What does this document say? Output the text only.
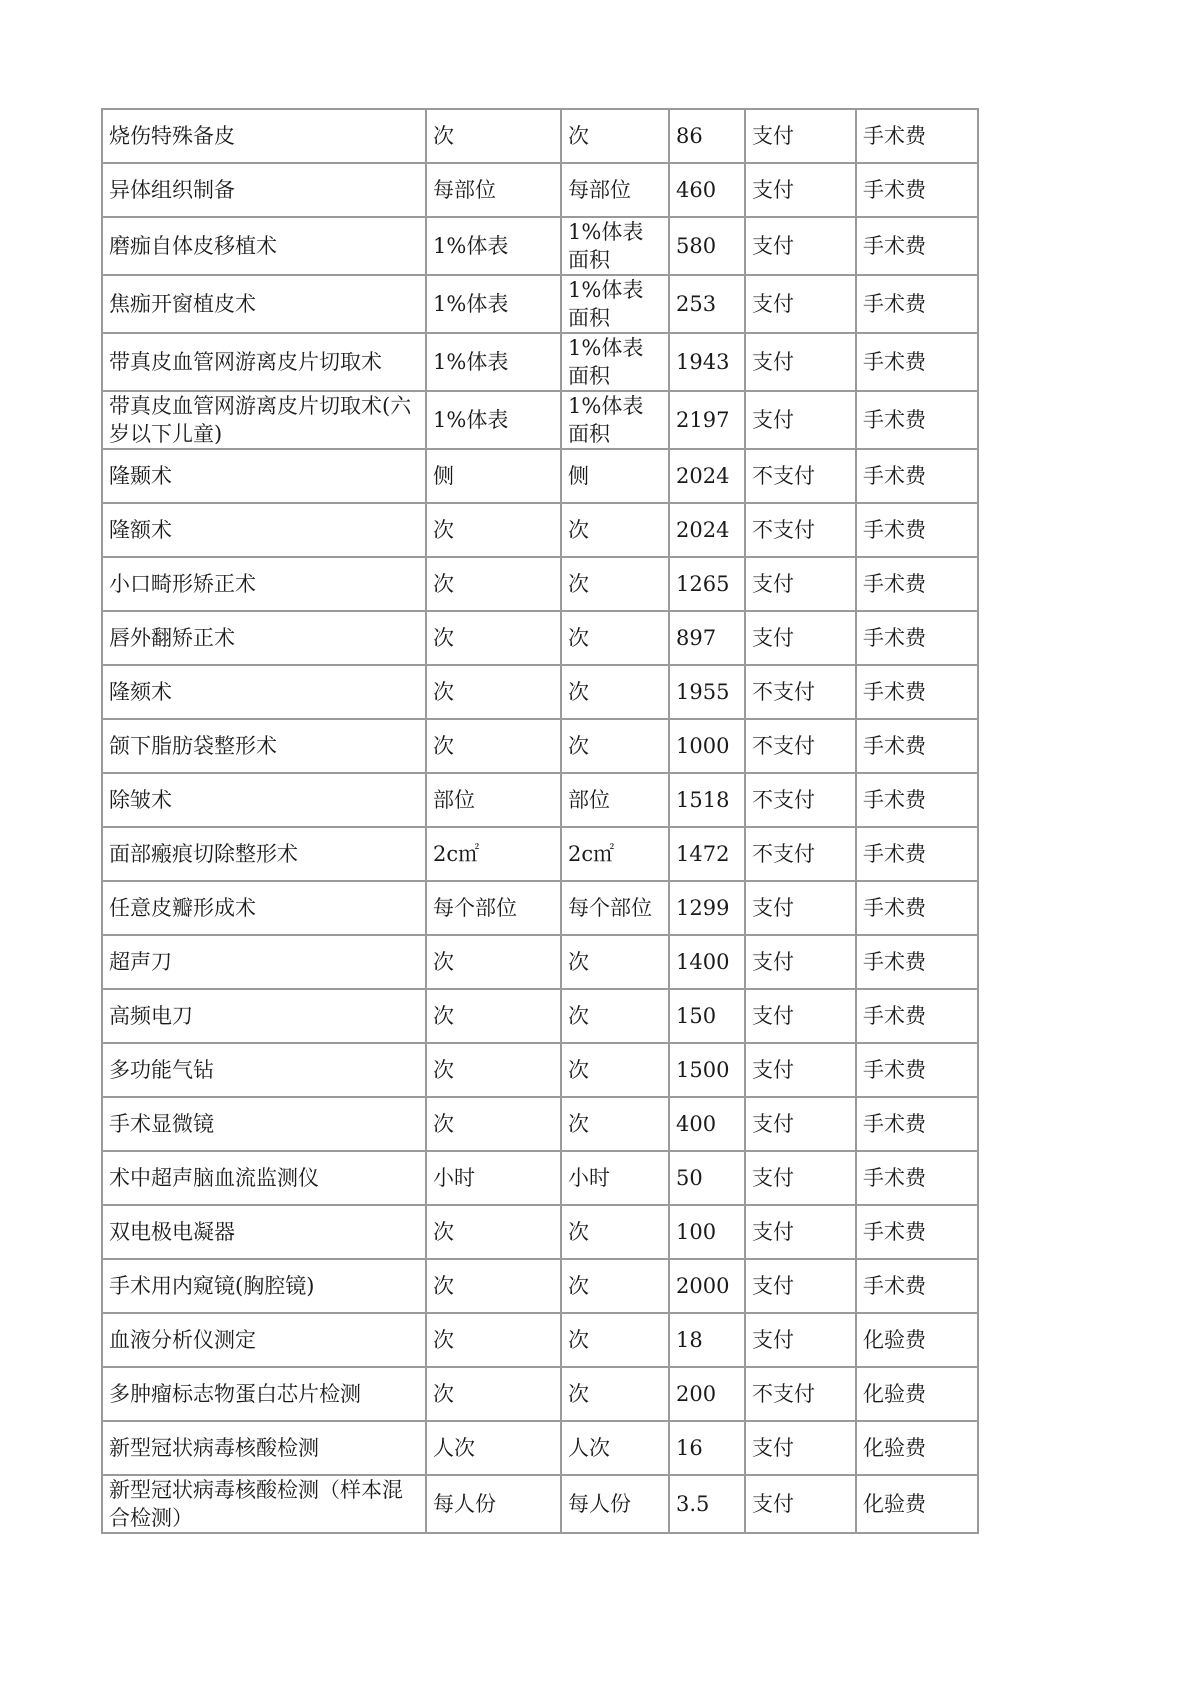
烧伤特殊备皮	次	次	86	支付	手术费
异体组织制备	每部位	每部位	460	支付	手术费
磨痂自体皮移植术	1%体表	1%体表面积	580	支付	手术费
焦痂开窗植皮术	1%体表	1%体表面积	253	支付	手术费
带真皮血管网游离皮片切取术	1%体表	1%体表面积	1943	支付	手术费
带真皮血管网游离皮片切取术(六岁以下儿童)	1%体表	1%体表面积	2197	支付	手术费
隆颞术	侧	侧	2024	不支付	手术费
隆额术	次	次	2024	不支付	手术费
小口畸形矫正术	次	次	1265	支付	手术费
唇外翻矫正术	次	次	897	支付	手术费
隆颏术	次	次	1955	不支付	手术费
颌下脂肪袋整形术	次	次	1000	不支付	手术费
除皱术	部位	部位	1518	不支付	手术费
面部瘢痕切除整形术	2c㎡	2c㎡	1472	不支付	手术费
任意皮瓣形成术	每个部位	每个部位	1299	支付	手术费
超声刀	次	次	1400	支付	手术费
高频电刀	次	次	150	支付	手术费
多功能气钻	次	次	1500	支付	手术费
手术显微镜	次	次	400	支付	手术费
术中超声脑血流监测仪	小时	小时	50	支付	手术费
双电极电凝器	次	次	100	支付	手术费
手术用内窥镜(胸腔镜)	次	次	2000	支付	手术费
血液分析仪测定	次	次	18	支付	化验费
多肿瘤标志物蛋白芯片检测	次	次	200	不支付	化验费
新型冠状病毒核酸检测	人次	人次	16	支付	化验费
新型冠状病毒核酸检测（样本混合检测）	每人份	每人份	3.5	支付	化验费
